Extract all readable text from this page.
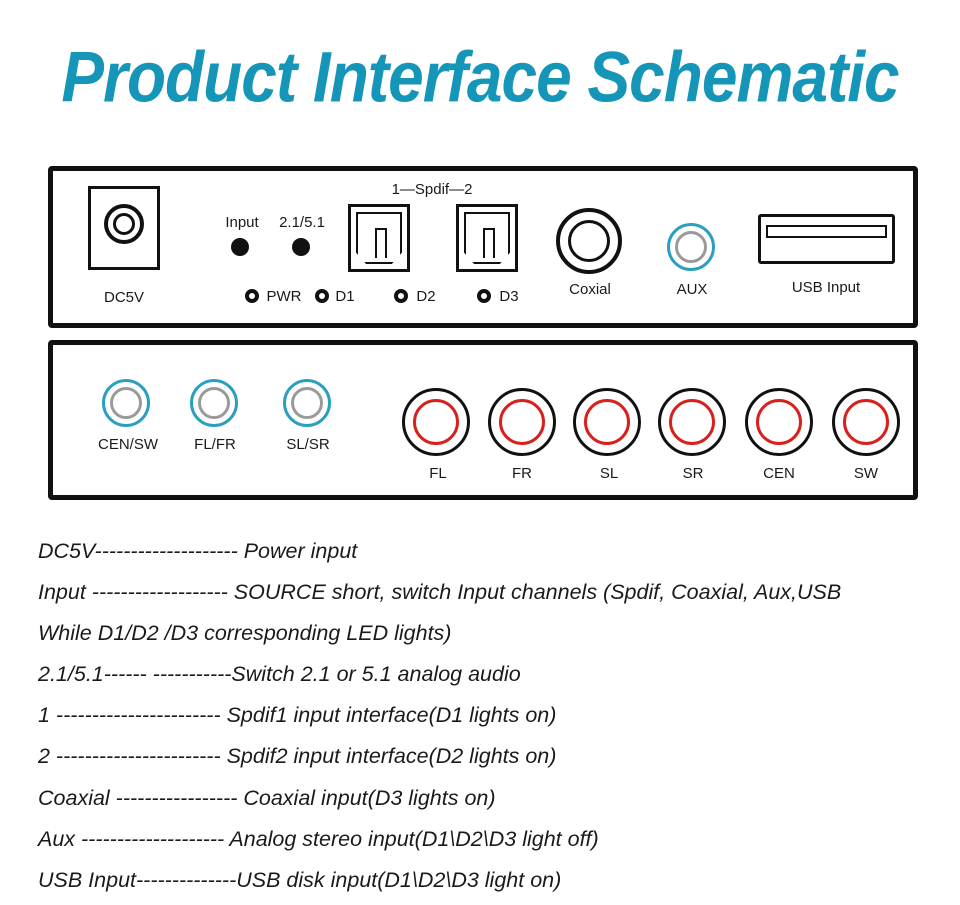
Product Interface Schematic
DC5V
Input 2.1/5.1
1—Spdif—2
Coxial	AUX	USB Input
PWR D1	D2	D3
CEN/SW FL/FR	SL/SR
FL	FR	SL	SR	CEN	SW
DC5V-------------------- Power input
Input ------------------- SOURCE short, switch Input channels (Spdif, Coaxial, Aux,USB
While D1/D2 /D3 corresponding LED lights)
2.1/5.1------ -----------Switch 2.1 or 5.1 analog audio
1 ----------------------- Spdif1 input interface(D1 lights on)
2 ----------------------- Spdif2 input interface(D2 lights on)
Coaxial ----------------- Coaxial input(D3 lights on)
Aux -------------------- Analog stereo input(D1\D2\D3 light off)
USB Input--------------USB disk input(D1\D2\D3 light on)
